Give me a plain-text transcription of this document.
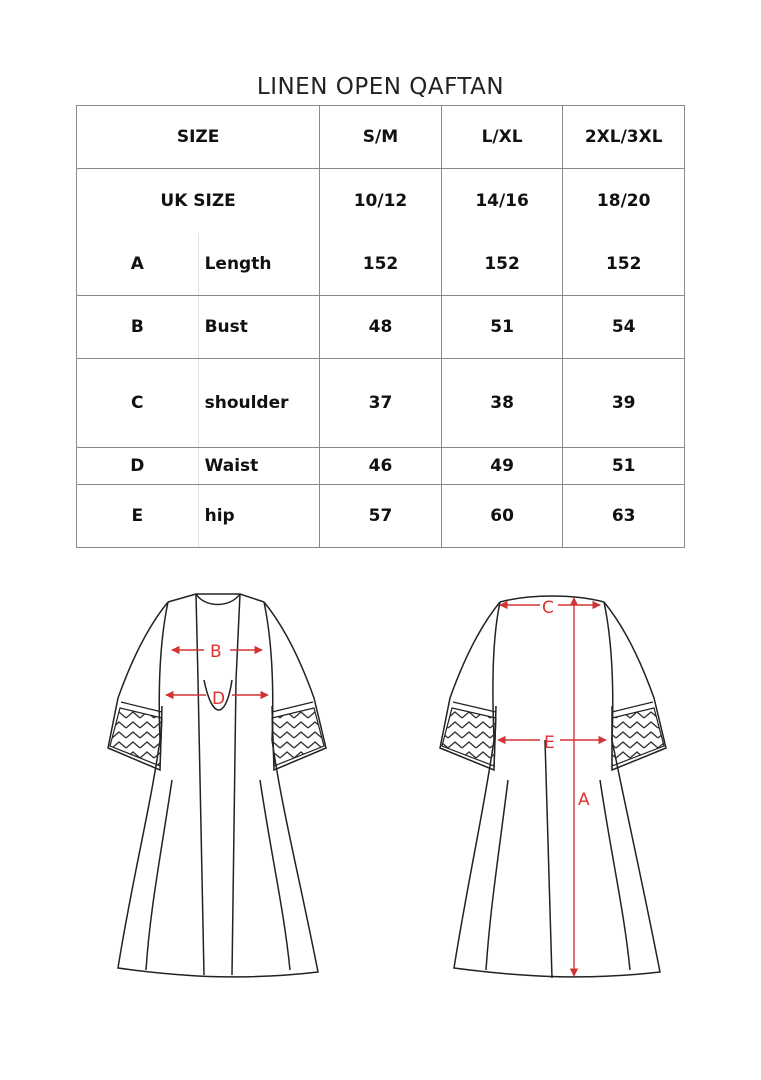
LINEN OPEN QAFTAN
SIZE		S/M	L/XL	2XL/3XL
UK SIZE		10/12	14/16	18/20
A	Length	152	152	152
B	Bust	48	51	54
C	shoulder	37	38	39
D	Waist	46	49	51
E	hip	57	60	63
B
D
C
E
A
